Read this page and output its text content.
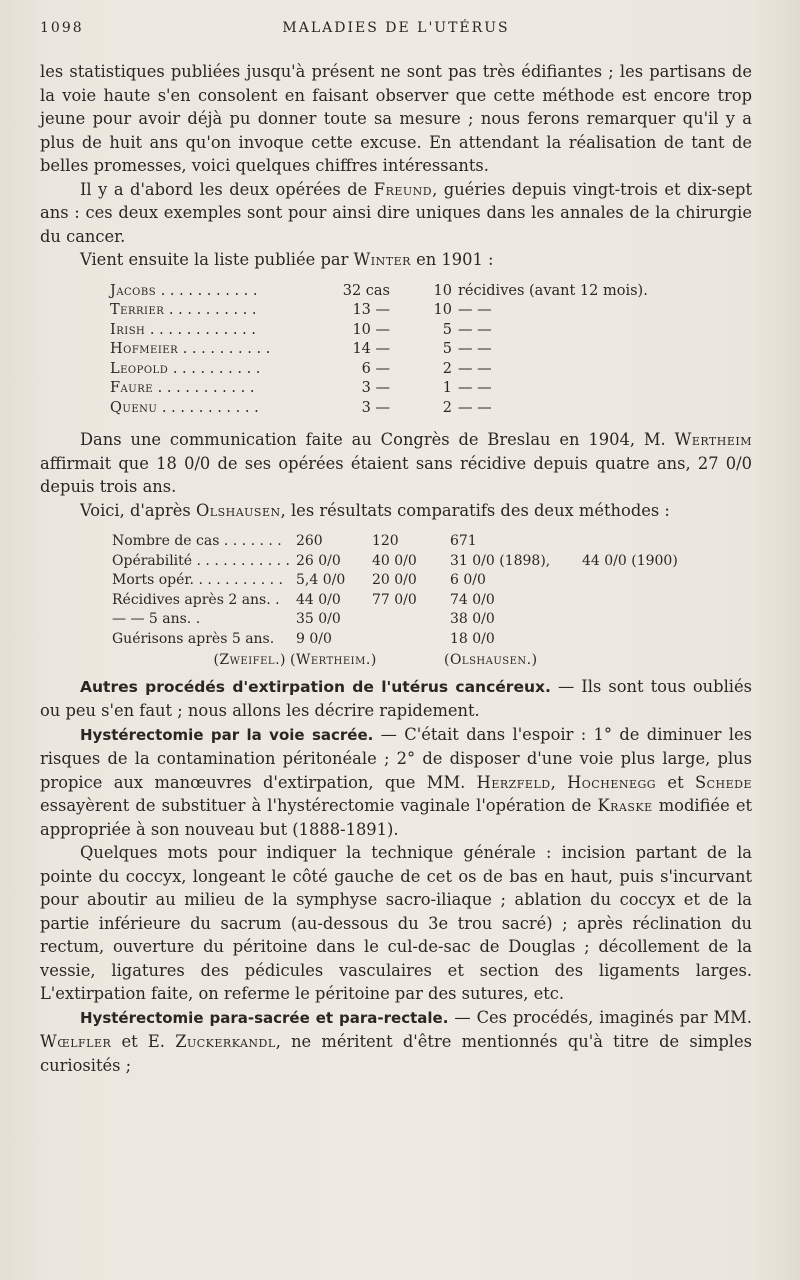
1098	MALADIES DE L'UTÉRUS

les statistiques publiées jusqu'à présent ne sont pas très édifiantes ; les partisans de la voie haute s'en consolent en faisant observer que cette méthode est encore trop jeune pour avoir déjà pu donner toute sa mesure ; nous ferons remarquer qu'il y a plus de huit ans qu'on invoque cette excuse. En attendant la réalisation de tant de belles promesses, voici quelques chiffres intéressants.

Il y a d'abord les deux opérées de Freund, guéries depuis vingt-trois et dix-sept ans : ces deux exemples sont pour ainsi dire uniques dans les annales de la chirurgie du cancer.

Vient ensuite la liste publiée par Winter en 1901 :

Jacobs . . . . . . . . . . .	32 cas	10	récidives (avant 12 mois).
Terrier . . . . . . . . . .	13 —	10	— —
Irish . . . . . . . . . . . .	10 —	5	— —
Hofmeier . . . . . . . . . .	14 —	5	— —
Leopold . . . . . . . . . .	6 —	2	— —
Faure . . . . . . . . . . .	3 —	1	— —
Quenu . . . . . . . . . . .	3 —	2	— —

Dans une communication faite au Congrès de Breslau en 1904, M. Wertheim affirmait que 18 0/0 de ses opérées étaient sans récidive depuis quatre ans, 27 0/0 depuis trois ans.

Voici, d'après Olshausen, les résultats comparatifs des deux méthodes :

Nombre de cas . . . . . . .	260	120	671	
Opérabilité . . . . . . . . . . .	26 0/0	40 0/0	31 0/0 (1898),	44 0/0 (1900)
Morts opér. . . . . . . . . . .	5,4 0/0	20 0/0	6 0/0	
Récidives après 2 ans. .	44 0/0	77 0/0	74 0/0	
— — 5 ans. .	35 0/0		38 0/0	
Guérisons après 5 ans.	9 0/0		18 0/0	
(Zweifel.)	(Wertheim.)		(Olshausen.)	

Autres procédés d'extirpation de l'utérus cancéreux. — Ils sont tous oubliés ou peu s'en faut ; nous allons les décrire rapidement.

Hystérectomie par la voie sacrée. — C'était dans l'espoir : 1° de diminuer les risques de la contamination péritonéale ; 2° de disposer d'une voie plus large, plus propice aux manœuvres d'extirpation, que MM. Herzfeld, Hochenegg et Schede essayèrent de substituer à l'hystérectomie vaginale l'opération de Kraske modifiée et appropriée à son nouveau but (1888-1891).

Quelques mots pour indiquer la technique générale : incision partant de la pointe du coccyx, longeant le côté gauche de cet os de bas en haut, puis s'incurvant pour aboutir au milieu de la symphyse sacro-iliaque ; ablation du coccyx et de la partie inférieure du sacrum (au-dessous du 3e trou sacré) ; après réclination du rectum, ouverture du péritoine dans le cul-de-sac de Douglas ; décollement de la vessie, ligatures des pédicules vasculaires et section des ligaments larges. L'extirpation faite, on referme le péritoine par des sutures, etc.

Hystérectomie para-sacrée et para-rectale. — Ces procédés, imaginés par MM. Wœlfler et E. Zuckerkandl, ne méritent d'être mentionnés qu'à titre de simples curiosités ;
